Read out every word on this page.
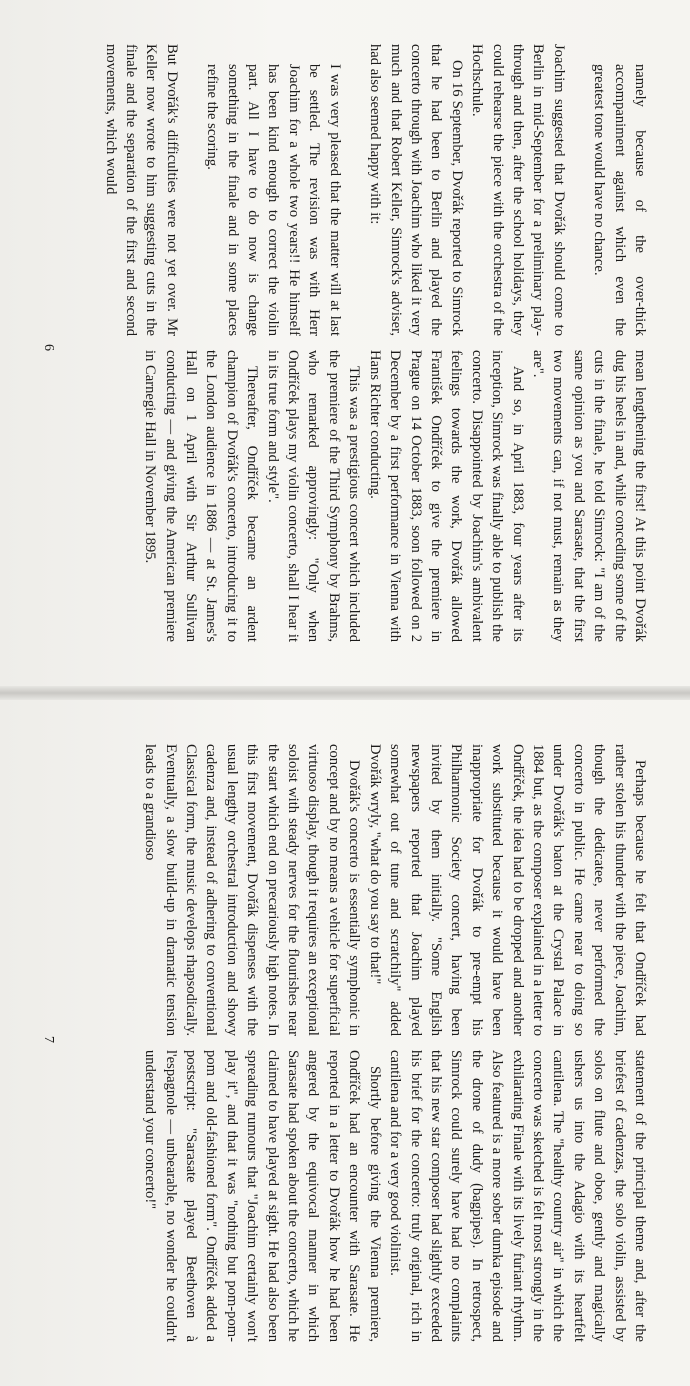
namely because of the over-thick accompaniment against which even the greatest tone would have no chance.

Joachim suggested that Dvořák should come to Berlin in mid-September for a preliminary play-through and then, after the school holidays, they could rehearse the piece with the orchestra of the Hochschule.

On 16 September, Dvořák reported to Simrock that he had been to Berlin and played the concerto through with Joachim who liked it very much and that Robert Keller, Simrock's adviser, had also seemed happy with it:

I was very pleased that the matter will at last be settled. The revision was with Herr Joachim for a whole two years!! He himself has been kind enough to correct the violin part. All I have to do now is change something in the finale and in some places refine the scoring.

But Dvořák's difficulties were not yet over. Mr Keller now wrote to him suggesting cuts in the finale and the separation of the first and second movements, which would

mean lengthening the first! At this point Dvořák dug his heels in and, while conceding some of the cuts in the finale, he told Simrock: "I am of the same opinion as you and Sarasate, that the first two movements can, if not must, remain as they are".

And so, in April 1883, four years after its inception, Simrock was finally able to publish the concerto. Disappointed by Joachim's ambivalent feelings towards the work, Dvořák allowed František Ondříček to give the premiere in Prague on 14 October 1883, soon followed on 2 December by a first performance in Vienna with Hans Richter conducting.

This was a prestigious concert which included the premiere of the Third Symphony by Brahms, who remarked approvingly: "Only when Ondříček plays my violin concerto, shall I hear it in its true form and style".

Thereafter, Ondříček became an ardent champion of Dvořák's concerto, introducing it to the London audience in 1886 — at St. James's Hall on 1 April with Sir Arthur Sullivan conducting — and giving the American premiere in Carnegie Hall in November 1895.

6

Perhaps because he felt that Ondříček had rather stolen his thunder with the piece, Joachim, though the dedicatee, never performed the concerto in public. He came near to doing so under Dvořák's baton at the Crystal Palace in 1884 but, as the composer explained in a letter to Ondříček, the idea had to be dropped and another work substituted because it would have been inappropriate for Dvořák to pre-empt his Philharmonic Society concert, having been invited by them initially. "Some English newspapers reported that Joachim played somewhat out of tune and scratchily" added Dvořák wryly, "what do you say to that!"

Dvořák's concerto is essentially symphonic in concept and by no means a vehicle for superficial virtuoso display, though it requires an exceptional soloist with steady nerves for the flourishes near the start which end on precariously high notes. In this first movement, Dvořák dispenses with the usual lengthy orchestral introduction and showy cadenza and, instead of adhering to conventional Classical form, the music develops rhapsodically. Eventually, a slow build-up in dramatic tension leads to a grandioso

statement of the principal theme and, after the briefest of cadenzas, the solo violin, assisted by solos on flute and oboe, gently and magically ushers us into the Adagio with its heartfelt cantilena. The "healthy country air" in which the concerto was sketched is felt most strongly in the exhilarating Finale with its lively furiant rhythm. Also featured is a more sober dumka episode and the drone of dudy (bagpipes). In retrospect, Simrock could surely have had no complaints that his new star composer had slightly exceeded his brief for the concerto: truly original, rich in cantilena and for a very good violinist.

Shortly before giving the Vienna premiere, Ondříček had an encounter with Sarasate. He reported in a letter to Dvořák how he had been angered by the equivocal manner in which Sarasate had spoken about the concerto, which he claimed to have played at sight. He had also been spreading rumours that "Joachim certainly won't play it", and that it was "nothing but pom-pom-pom and old-fashioned form". Ondříček added a postscript: "Sarasate played Beethoven à l'espagnole — unbearable, no wonder he couldn't understand your concerto!"

7
